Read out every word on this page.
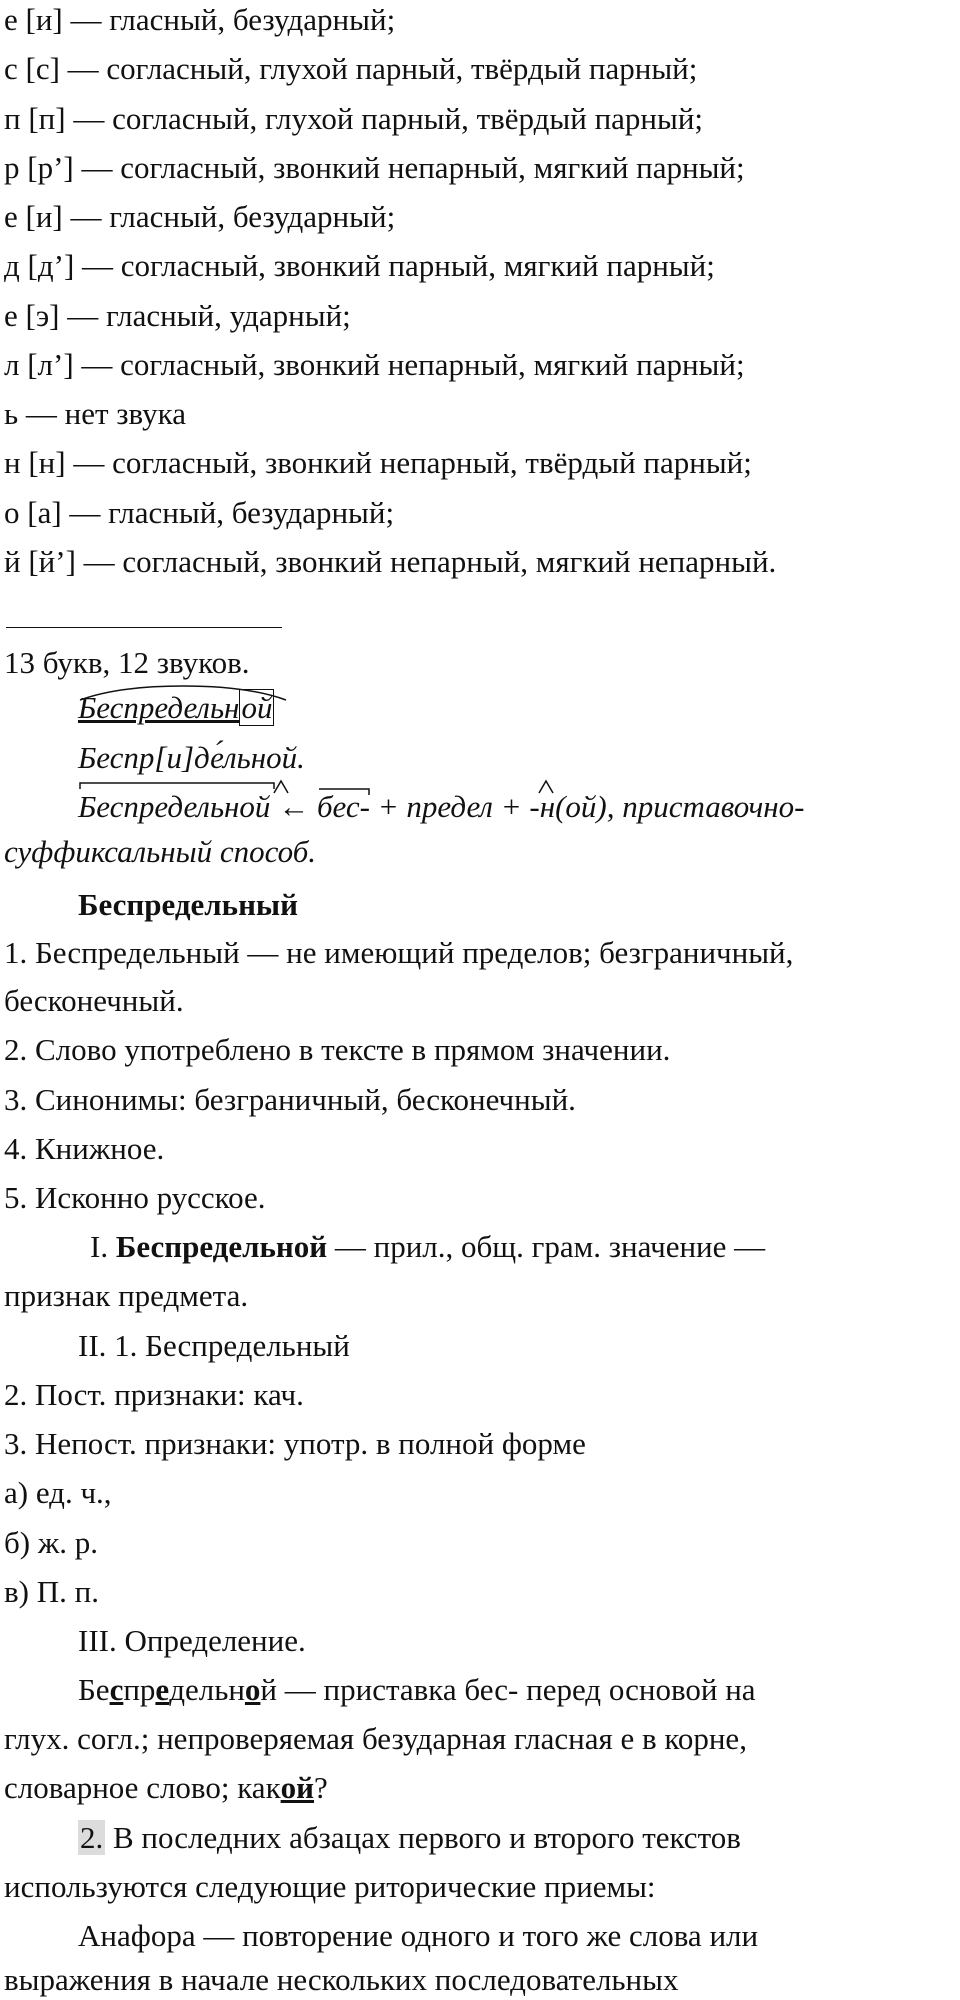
е [и] — гласный, безударный;
с [с] — согласный, глухой парный, твёрдый парный;
п [п] — согласный, глухой парный, твёрдый парный;
р [р’] — согласный, звонкий непарный, мягкий парный;
е [и] — гласный, безударный;
д [д’] — согласный, звонкий парный, мягкий парный;
е [э] — гласный, ударный;
л [л’] — согласный, звонкий непарный, мягкий парный;
ь — нет звука
н [н] — согласный, звонкий непарный, твёрдый парный;
о [а] — гласный, безударный;
й [й’] — согласный, звонкий непарный, мягкий непарный.
13 букв, 12 звуков.
Беспредельной
Беспр[и]дельной.
Беспредельной ← бес- + предел + -н(ой), приставочно-
суффиксальный способ.
Беспредельный
1. Беспредельный — не имеющий пределов; безграничный,
бесконечный.
2. Слово употреблено в тексте в прямом значении.
3. Синонимы: безграничный, бесконечный.
4. Книжное.
5. Исконно русское.
I. Беспредельной — прил., общ. грам. значение —
признак предмета.
II. 1. Беспредельный
2. Пост. признаки: кач.
3. Непост. признаки: употр. в полной форме
а) ед. ч.,
б) ж. р.
в) П. п.
III. Определение.
Беспредельной — приставка бес- перед основой на
глух. согл.; непроверяемая безударная гласная е в корне,
словарное слово; какой?
2. В последних абзацах первого и второго текстов
используются следующие риторические приемы:
Анафора — повторение одного и того же слова или
выражения в начале нескольких последовательных
